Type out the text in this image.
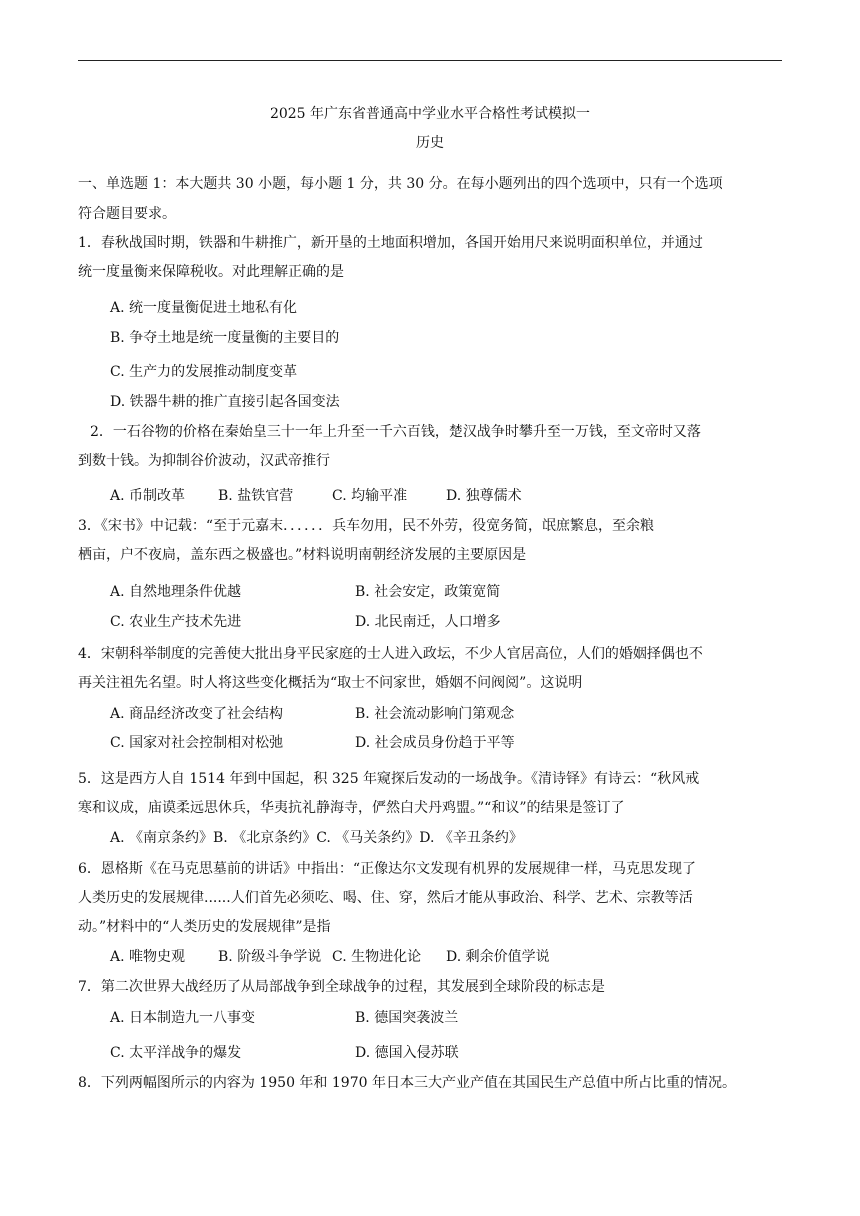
2025 年广东省普通高中学业水平合格性考试模拟一
历史
一、单选题 1：本大题共 30 小题，每小题 1 分，共 30 分。在每小题列出的四个选项中，只有一个选项
符合题目要求。
1．春秋战国时期，铁器和牛耕推广，新开垦的土地面积增加，各国开始用尺来说明面积单位，并通过
统一度量衡来保障税收。对此理解正确的是
A. 统一度量衡促进土地私有化
B. 争夺土地是统一度量衡的主要目的
C. 生产力的发展推动制度变革
D. 铁器牛耕的推广直接引起各国变法
2．一石谷物的价格在秦始皇三十一年上升至一千六百钱，楚汉战争时攀升至一万钱，至文帝时又落
到数十钱。为抑制谷价波动，汉武帝推行
A. 币制改革 B. 盐铁官营	C. 均输平准	D. 独尊儒术
3．《宋书》中记载：“至于元嘉末．．．．．．兵车勿用，民不外劳，役宽务简，氓庶繁息，至余粮
栖亩，户不夜扃，盖东西之极盛也。”材料说明南朝经济发展的主要原因是
A. 自然地理条件优越	B. 社会安定，政策宽简
C. 农业生产技术先进	D. 北民南迁，人口增多
4．宋朝科举制度的完善使大批出身平民家庭的士人进入政坛，不少人官居高位，人们的婚姻择偶也不
再关注祖先名望。时人将这些变化概括为“取士不问家世，婚姻不问阀阅”。这说明
A. 商品经济改变了社会结构	B. 社会流动影响门第观念
C. 国家对社会控制相对松弛	D. 社会成员身份趋于平等
5．这是西方人自 1514 年到中国起，积 325 年窥探后发动的一场战争。《清诗铎》有诗云：“秋风戒
寒和议成，庙谟柔远思休兵，华夷抗礼静海寺，俨然白犬丹鸡盟。”“和议”的结果是签订了
A. 《南京条约》B. 《北京条约》C. 《马关条约》D. 《辛丑条约》
6．恩格斯《在马克思墓前的讲话》中指出：“正像达尔文发现有机界的发展规律一样，马克思发现了
人类历史的发展规律......人们首先必须吃、喝、住、穿，然后才能从事政治、科学、艺术、宗教等活
动。”材料中的“人类历史的发展规律”是指
A. 唯物史观 B. 阶级斗争学说 C. 生物进化论 D. 剩余价值学说
7．第二次世界大战经历了从局部战争到全球战争的过程，其发展到全球阶段的标志是
A. 日本制造九一八事变	B. 德国突袭波兰
C. 太平洋战争的爆发	D. 德国入侵苏联
8．下列两幅图所示的内容为 1950 年和 1970 年日本三大产业产值在其国民生产总值中所占比重的情况。
